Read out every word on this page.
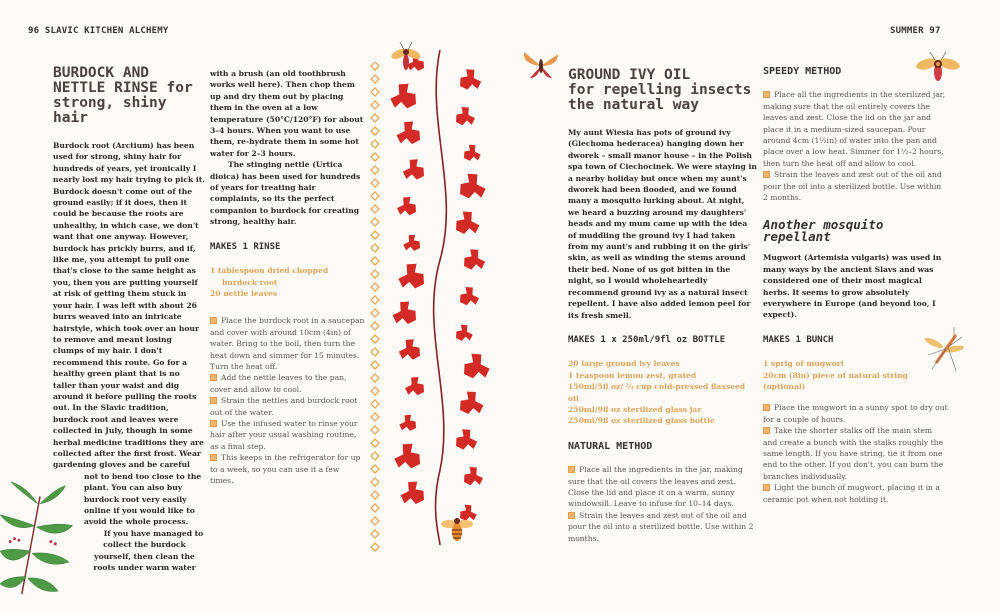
96 SLAVIC KITCHEN ALCHEMY
BURDOCK AND
NETTLE RINSE for
strong, shiny hair

Burdock root (Arctium) has been used for strong, shiny hair for hundreds of years, yet ironically I nearly lost my hair trying to pick it. Burdock doesn't come out of the ground easily; if it does, then it could be because the roots are unhealthy, in which case, we don't want that one anyway. However, burdock has prickly burrs, and if, like me, you attempt to pull one that's close to the same height as you, then you are putting yourself at risk of getting them stuck in your hair. I was left with about 26 burrs weaved into an intricate hairstyle, which took over an hour to remove and meant losing clumps of my hair. I don't recommend this route. Go for a healthy green plant that is no taller than your waist and dig around it before pulling the roots out. In the Slavic tradition, burdock root and leaves were collected in July, though in some herbal medicine traditions they are collected after the first frost. Wear gardening gloves and be careful not to bend too close to the plant. You can also buy burdock root very easily online if you would like to avoid the whole process.

If you have managed to collect the burdock yourself, then clean the roots under warm water

with a brush (an old toothbrush works well here). Then chop them up and dry them out by placing them in the oven at a low temperature (50°C/120°F) for about 3–4 hours. When you want to use them, re-hydrate them in some hot water for 2–3 hours.

The stinging nettle (Urtica dioica) has been used for hundreds of years for treating hair complaints, so its the perfect companion to burdock for creating strong, healthy hair.

MAKES 1 RINSE
1 tablespoon dried chopped
burdock root
20 nettle leaves

Place the burdock root in a saucepan and cover with around 10cm (4in) of water. Bring to the boil, then turn the heat down and simmer for 15 minutes. Turn the heat off.

Add the nettle leaves to the pan, cover and allow to cool.

Strain the nettles and burdock root out of the water.

Use the infused water to rinse your hair after your usual washing routine, as a final step.

This keeps in the refrigerator for up to a week, so you can use it a few times.

SUMMER 97
GROUND IVY OIL
for repelling insects
the natural way

My aunt Wiesia has pots of ground ivy (Glechoma hederacea) hanging down her dworek – small manor house – in the Polish spa town of Ciechocinek. We were staying in a nearby holiday but once when my aunt's dworek had been flooded, and we found many a mosquito lurking about. At night, we heard a buzzing around my daughters' heads and my mum came up with the idea of muddling the ground ivy I had taken from my aunt's and rubbing it on the girls' skin, as well as winding the stems around their bed. None of us got bitten in the night, so I would wholeheartedly recommend ground ivy as a natural insect repellent. I have also added lemon peel for its fresh smell.

MAKES 1 x 250ml/9fl oz BOTTLE
20 large ground ivy leaves
1 teaspoon lemon zest, grated
150ml/5fl oz/ ⅔ cup cold-pressed flaxseed oil
250ml/9fl oz sterilized glass jar
250ml/9fl oz sterilized glass bottle
NATURAL METHOD

Place all the ingredients in the jar, making sure that the oil covers the leaves and zest. Close the lid and place it on a warm, sunny windowsill. Leave to infuse for 10–14 days.

Strain the leaves and zest out of the oil and pour the oil into a sterilized bottle. Use within 2 months.

SPEEDY METHOD

Place all the ingredients in the sterilized jar, making sure that the oil entirely covers the leaves and zest. Close the lid on the jar and place it in a medium-sized saucepan. Pour around 4cm (1½in) of water into the pan and place over a low heat. Simmer for 1½–2 hours, then turn the heat off and allow to cool.

Strain the leaves and zest out of the oil and pour the oil into a sterilized bottle. Use within 2 months.

Another mosquito repellant

Mugwort (Artemisia vulgaris) was used in many ways by the ancient Slavs and was considered one of their most magical herbs. It seems to grow absolutely everywhere in Europe (and beyond too, I expect).

MAKES 1 BUNCH
1 sprig of mugwort
20cm (8in) piece of natural string (optional)

Place the mugwort in a sunny spot to dry out for a couple of hours.

Take the shorter stalks off the main stem and create a bunch with the stalks roughly the same length. If you have string, tie it from one end to the other. If you don't, you can burn the branches individually.

Light the bunch of mugwort, placing it in a ceramic pot when not holding it.
